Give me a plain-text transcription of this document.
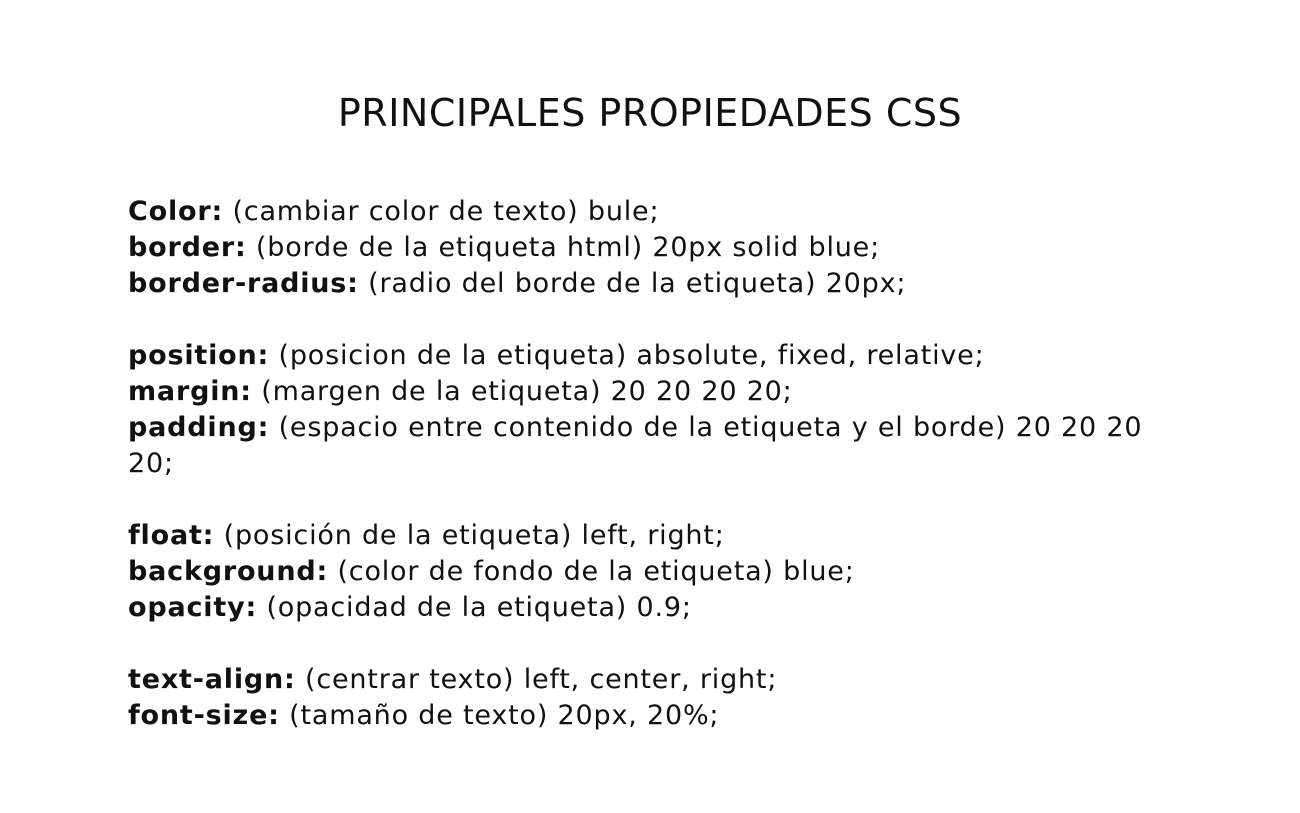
PRINCIPALES PROPIEDADES CSS
Color: (cambiar color de texto) bule;
border: (borde de la etiqueta html) 20px solid blue;
border-radius: (radio del borde de la etiqueta) 20px;
position: (posicion de la etiqueta) absolute, fixed, relative;
margin: (margen de la etiqueta) 20 20 20 20;
padding: (espacio entre contenido de la etiqueta y el borde) 20 20 20 20;
float: (posición de la etiqueta) left, right;
background: (color de fondo de la etiqueta) blue;
opacity: (opacidad de la etiqueta) 0.9;
text-align: (centrar texto) left, center, right;
font-size: (tamaño de texto) 20px, 20%;
